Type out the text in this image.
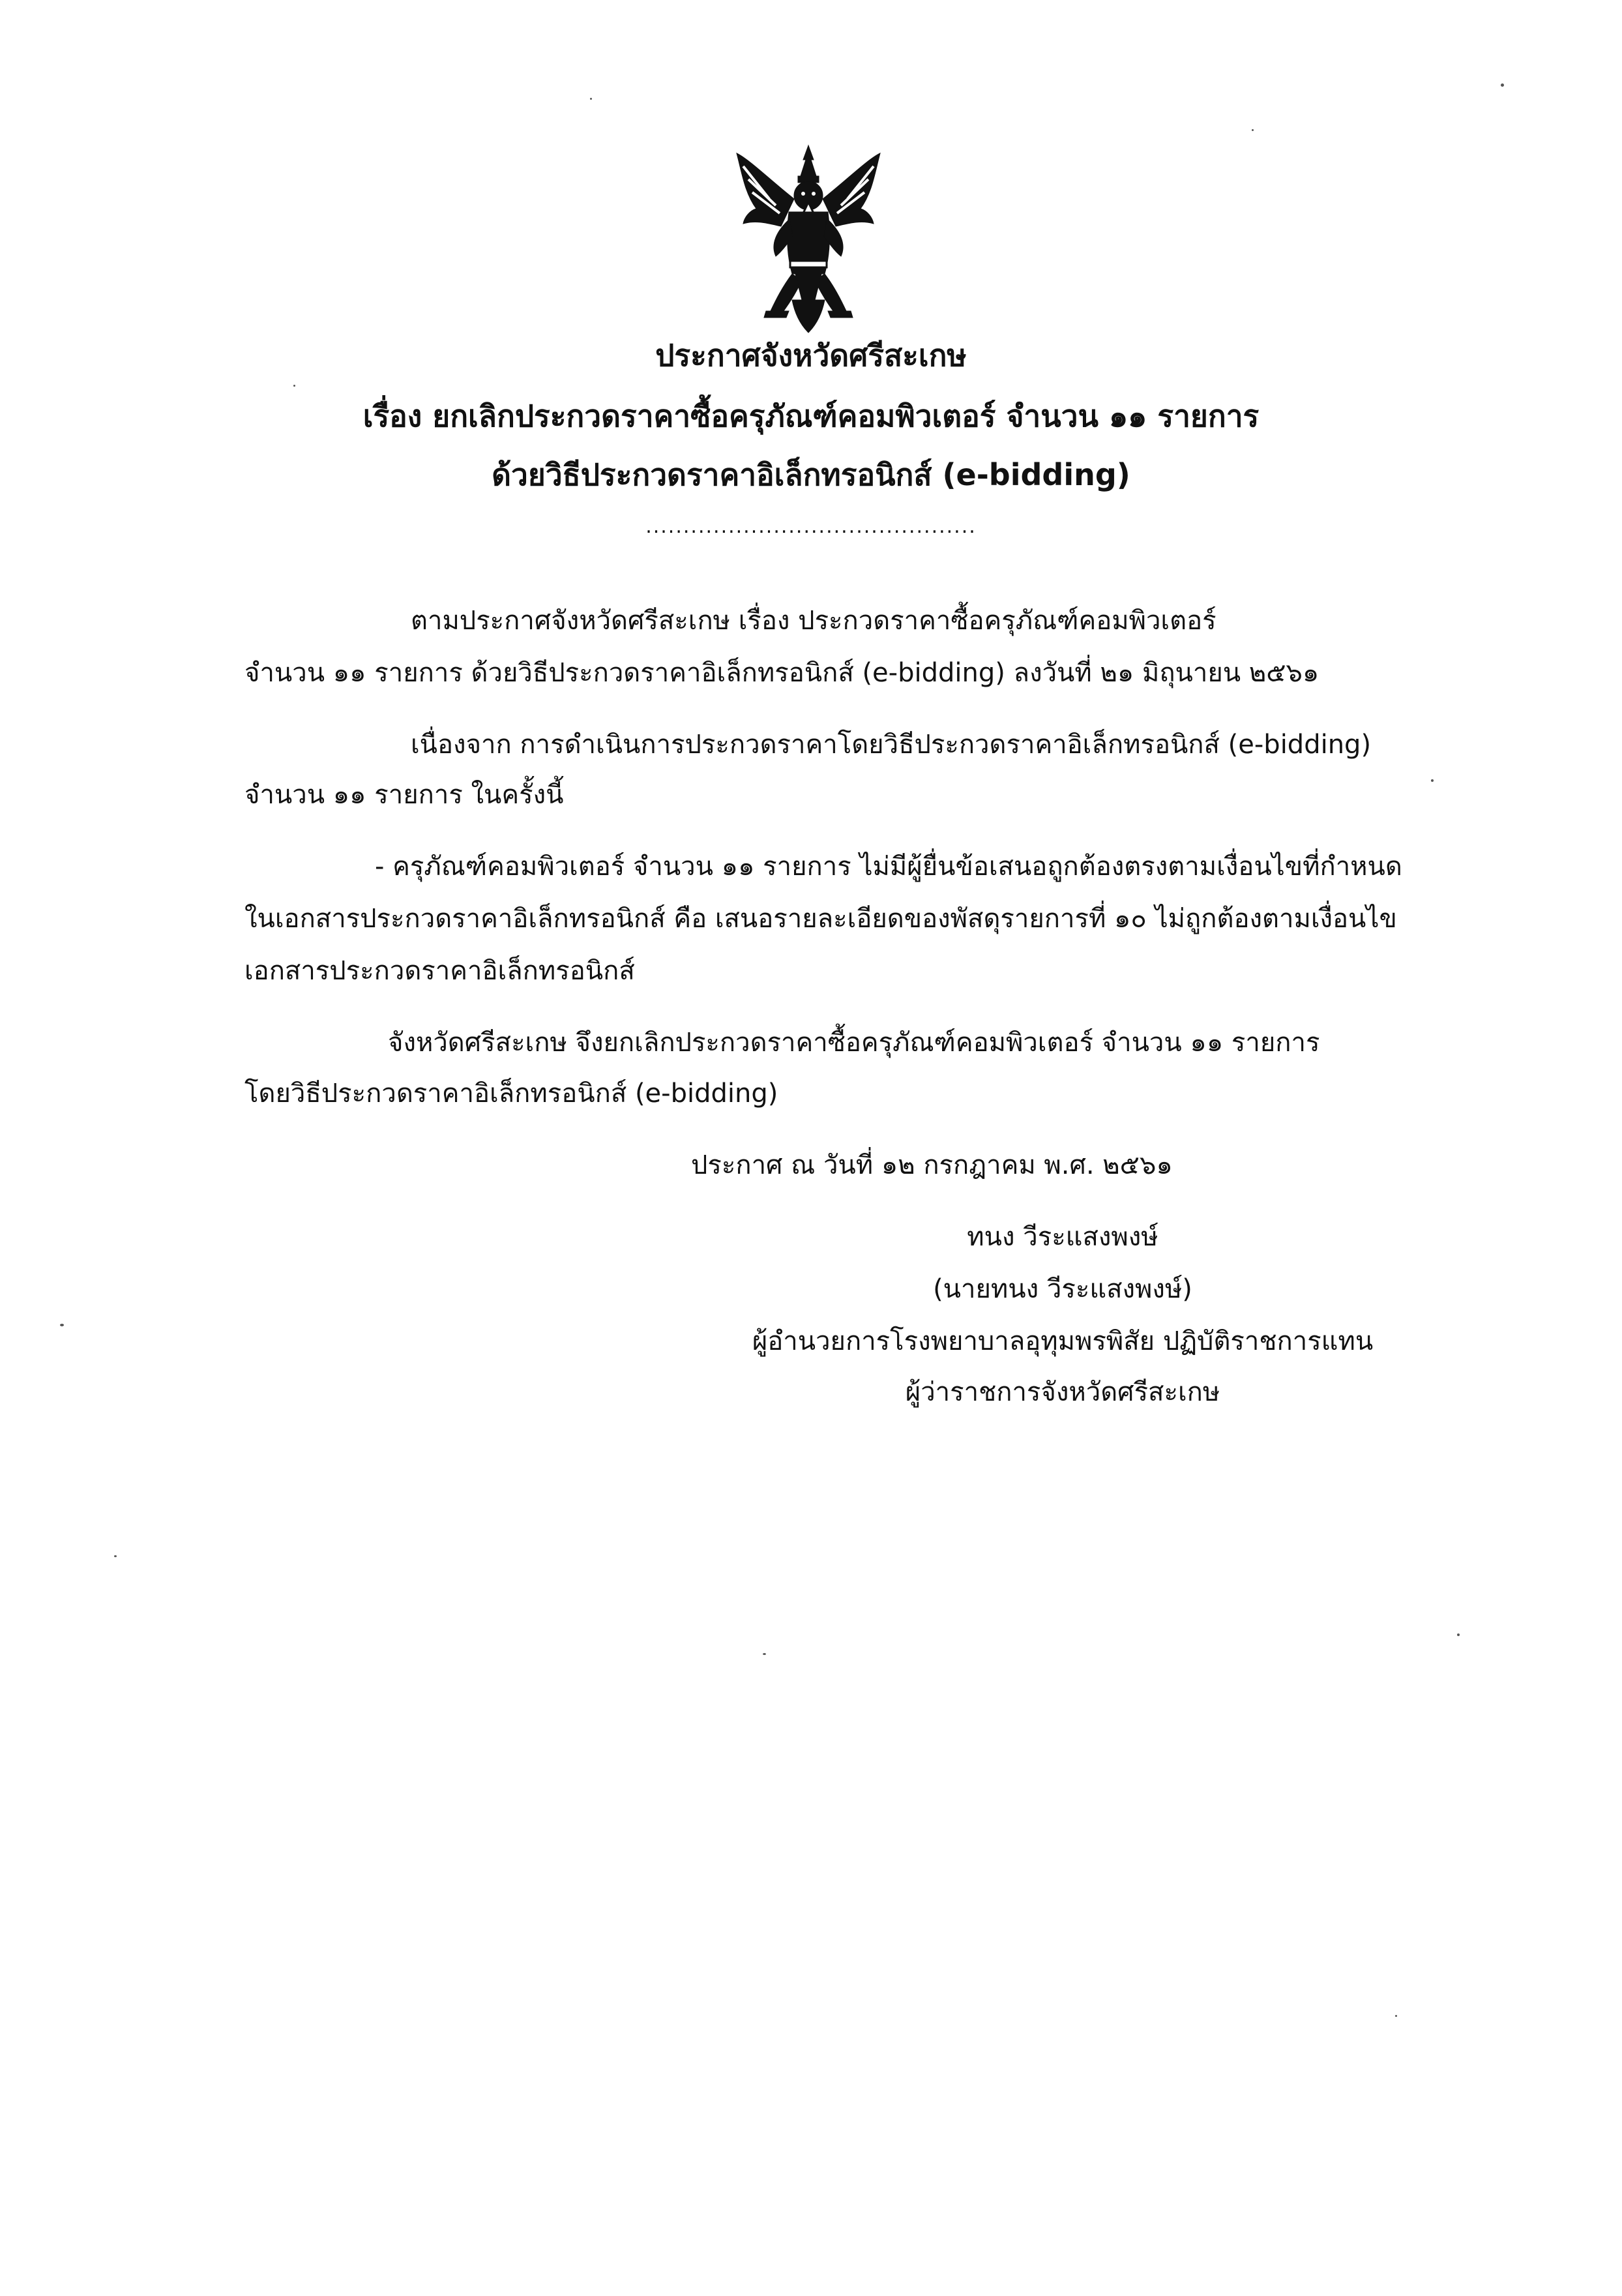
ประกาศจังหวัดศรีสะเกษ
เรื่อง ยกเลิกประกวดราคาซื้อครุภัณฑ์คอมพิวเตอร์ จำนวน ๑๑ รายการ
ด้วยวิธีประกวดราคาอิเล็กทรอนิกส์ (e-bidding)
............................................
ตามประกาศจังหวัดศรีสะเกษ เรื่อง ประกวดราคาซื้อครุภัณฑ์คอมพิวเตอร์
จำนวน ๑๑ รายการ ด้วยวิธีประกวดราคาอิเล็กทรอนิกส์ (e-bidding) ลงวันที่ ๒๑ มิถุนายน ๒๕๖๑
เนื่องจาก การดำเนินการประกวดราคาโดยวิธีประกวดราคาอิเล็กทรอนิกส์ (e-bidding)
จำนวน ๑๑ รายการ ในครั้งนี้
- ครุภัณฑ์คอมพิวเตอร์ จำนวน ๑๑ รายการ ไม่มีผู้ยื่นข้อเสนอถูกต้องตรงตามเงื่อนไขที่กำหนด
ในเอกสารประกวดราคาอิเล็กทรอนิกส์ คือ เสนอรายละเอียดของพัสดุรายการที่ ๑๐ ไม่ถูกต้องตามเงื่อนไข
เอกสารประกวดราคาอิเล็กทรอนิกส์
จังหวัดศรีสะเกษ จึงยกเลิกประกวดราคาซื้อครุภัณฑ์คอมพิวเตอร์ จำนวน ๑๑ รายการ
โดยวิธีประกวดราคาอิเล็กทรอนิกส์ (e-bidding)
ประกาศ ณ วันที่ ๑๒ กรกฎาคม พ.ศ. ๒๕๖๑
ทนง วีระแสงพงษ์
(นายทนง วีระแสงพงษ์)
ผู้อำนวยการโรงพยาบาลอุทุมพรพิสัย ปฏิบัติราชการแทน
ผู้ว่าราชการจังหวัดศรีสะเกษ
